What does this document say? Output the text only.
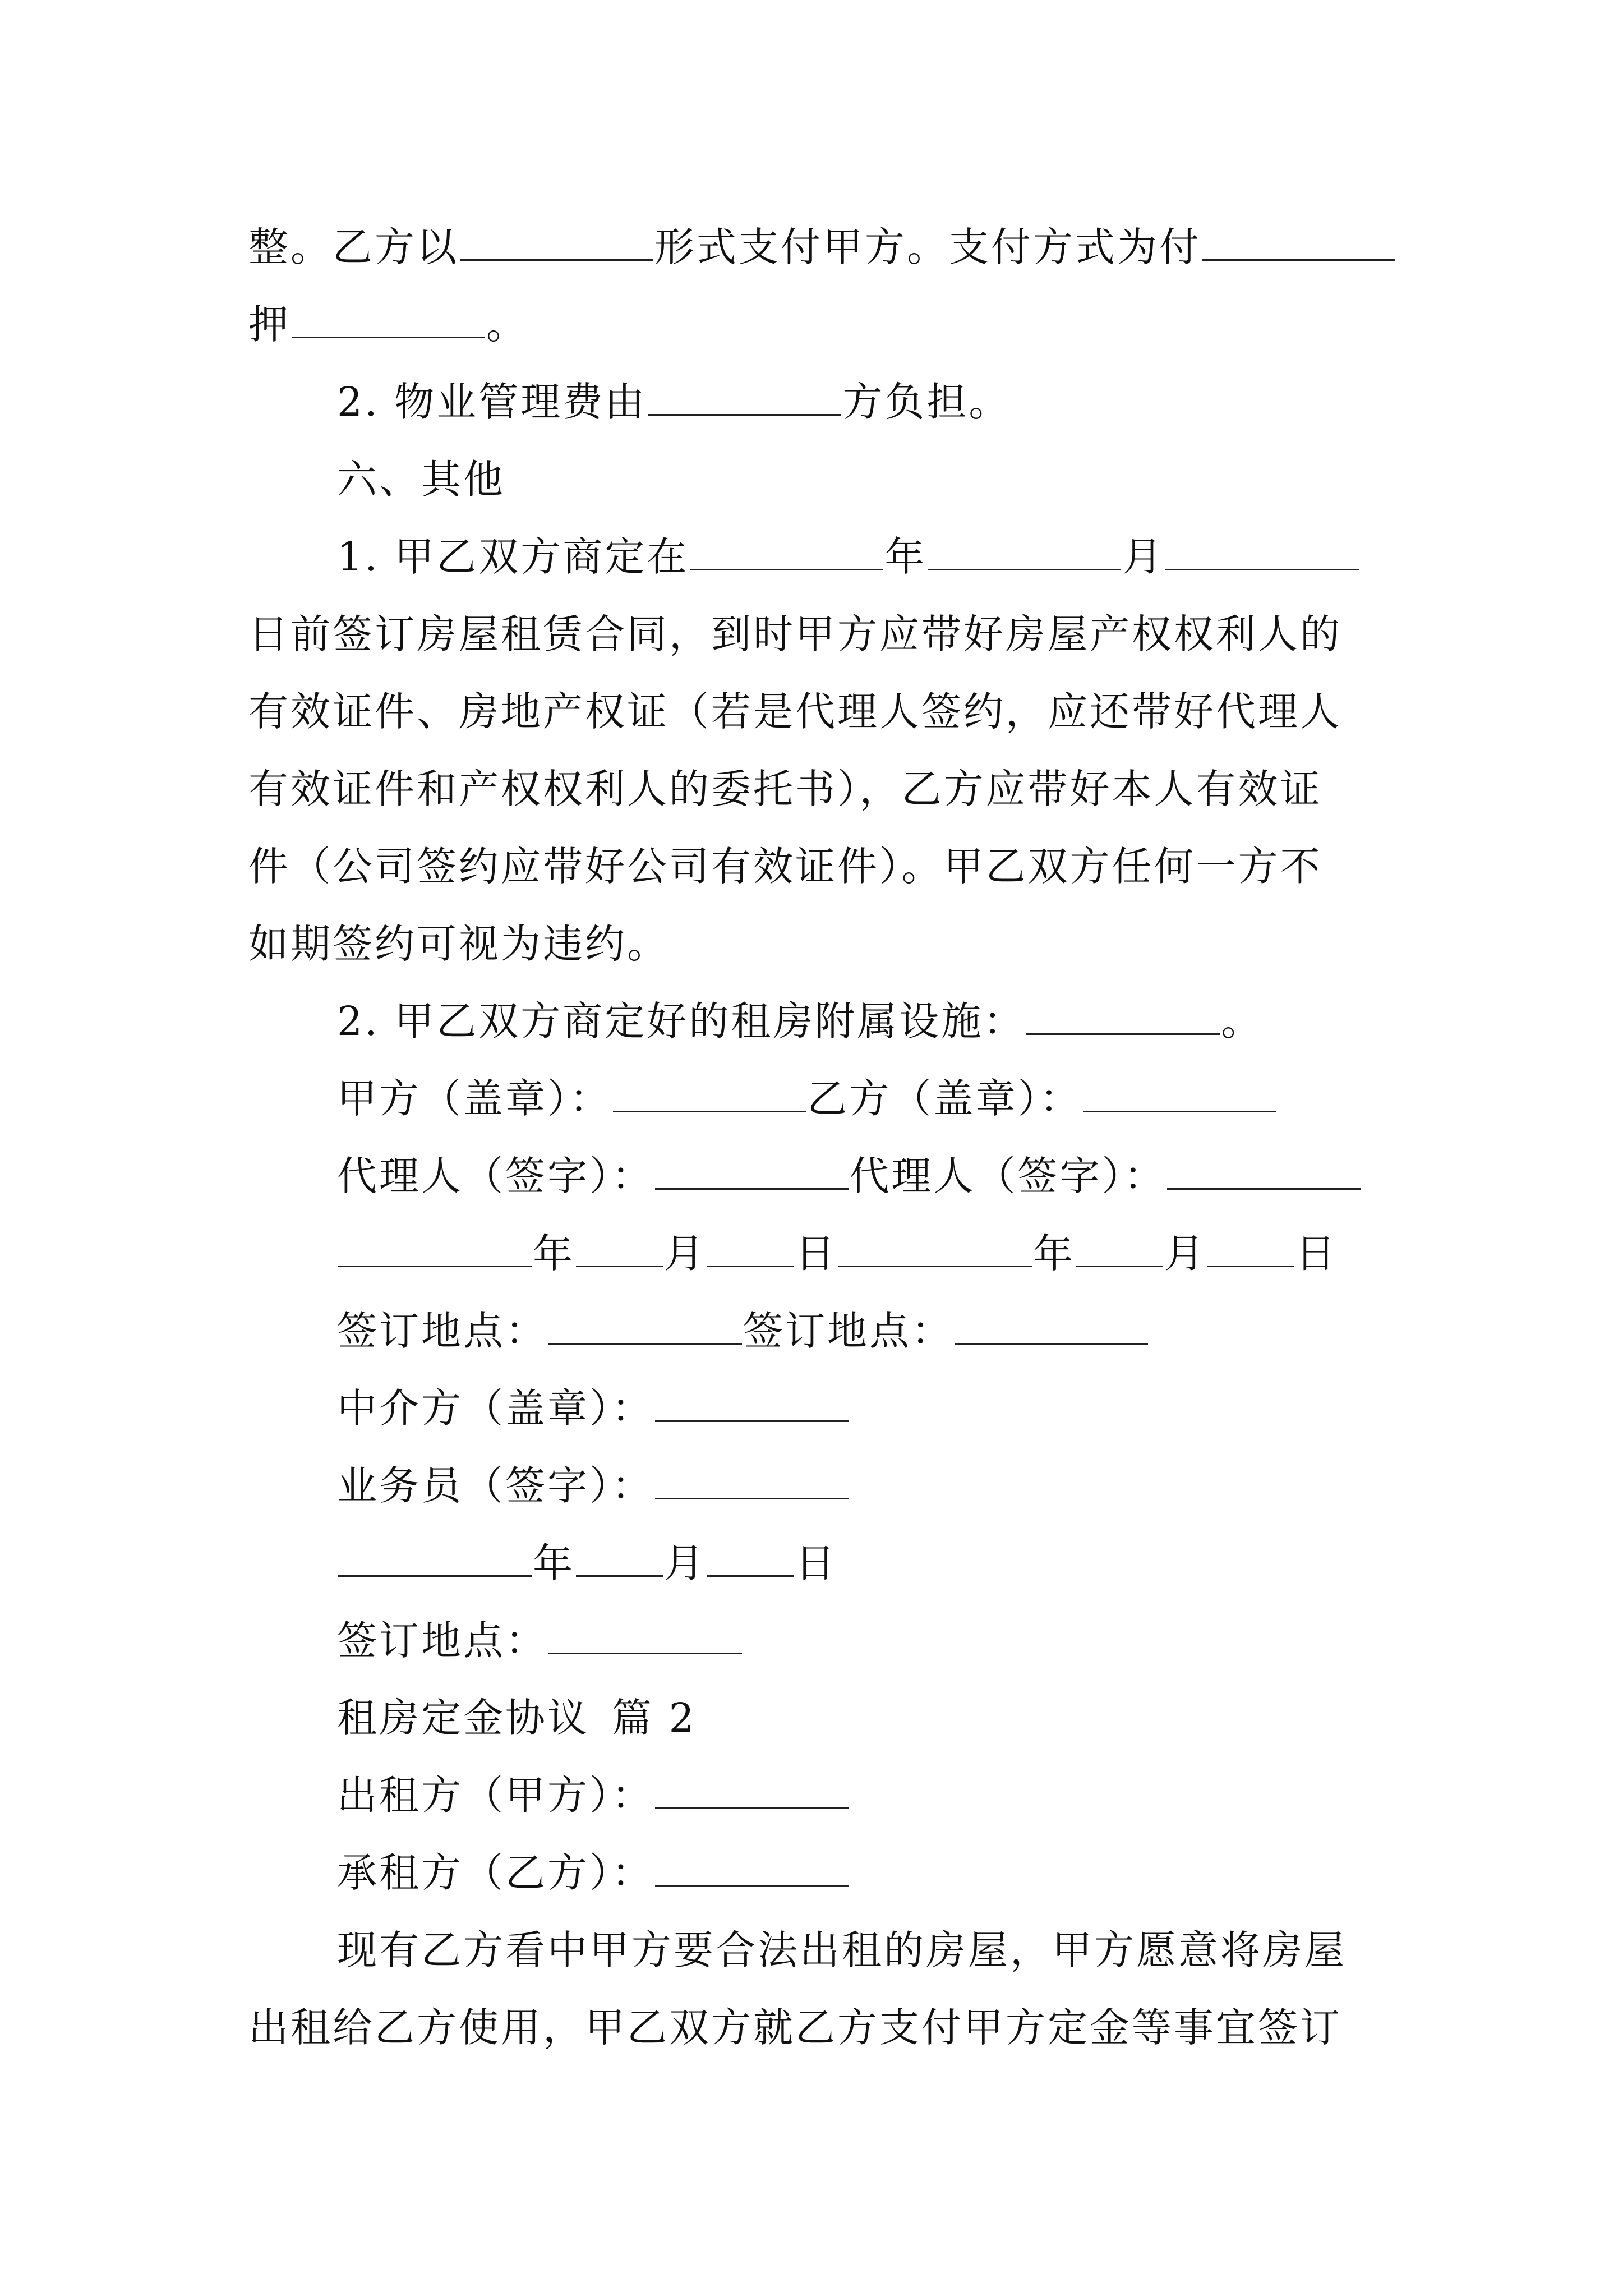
整。乙方以	形式支付甲方。支付方式为付
押	。
2. 物业管理费由	方负担。
六、其他
1. 甲乙双方商定在	年	月
日前签订房屋租赁合同，到时甲方应带好房屋产权权利人的
有效证件、房地产权证（若是代理人签约，应还带好代理人
有效证件和产权权利人的委托书），乙方应带好本人有效证
件（公司签约应带好公司有效证件）。甲乙双方任何一方不
如期签约可视为违约。
2. 甲乙双方商定好的租房附属设施：	。
甲方（盖章）：	乙方（盖章）：
代理人（签字）：	代理人（签字）：
年 月 日	年 月 日
签订地点：	签订地点：
中介方（盖章）：
业务员（签字）：
年 月 日
签订地点：
租房定金协议 篇 2
出租方（甲方）：
承租方（乙方）：
现有乙方看中甲方要合法出租的房屋，甲方愿意将房屋
出租给乙方使用，甲乙双方就乙方支付甲方定金等事宜签订
